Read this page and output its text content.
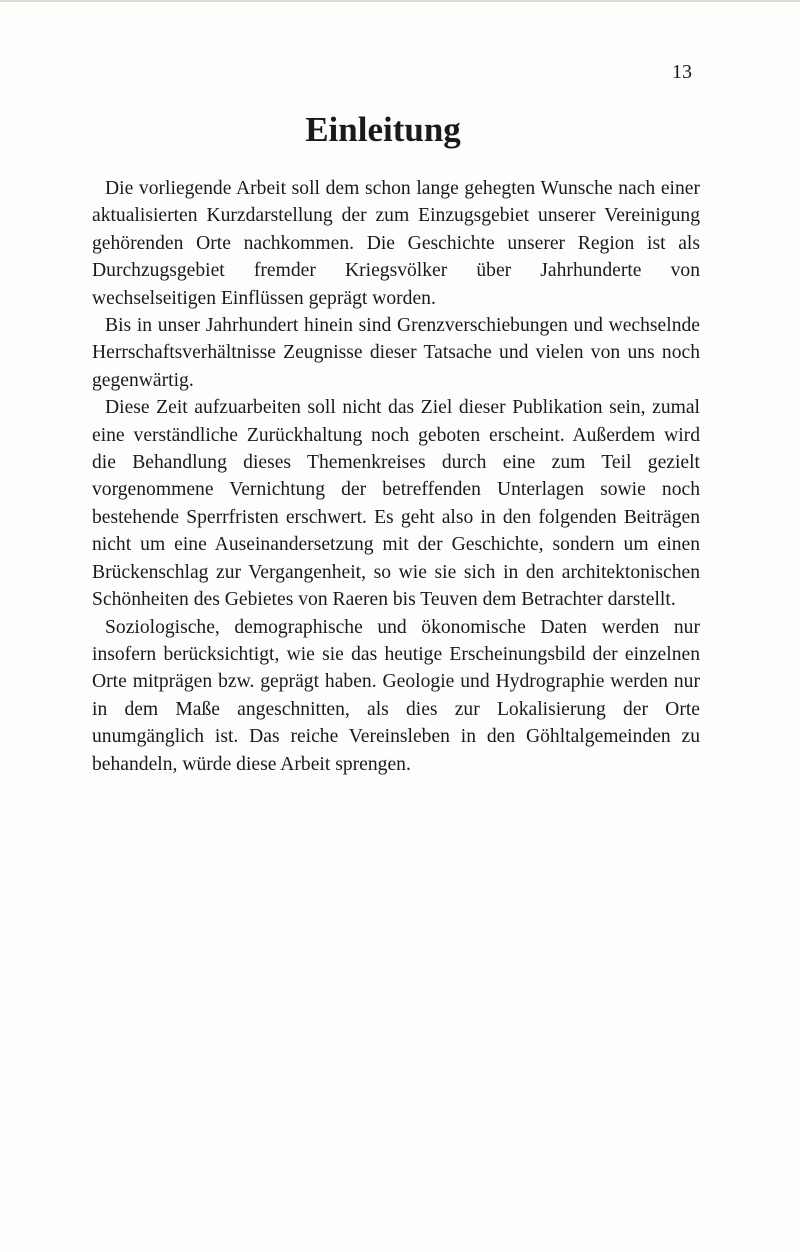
13
Einleitung

Die vorliegende Arbeit soll dem schon lange gehegten Wunsche nach einer aktualisierten Kurzdarstellung der zum Einzugsgebiet unserer Vereinigung gehörenden Orte nachkommen. Die Geschichte unserer Region ist als Durchzugsgebiet fremder Kriegsvölker über Jahrhunderte von wechselseitigen Einflüssen geprägt worden.

Bis in unser Jahrhundert hinein sind Grenzverschiebungen und wechselnde Herrschaftsverhältnisse Zeugnisse dieser Tatsache und vielen von uns noch gegenwärtig.

Diese Zeit aufzuarbeiten soll nicht das Ziel dieser Publikation sein, zumal eine verständliche Zurückhaltung noch geboten erscheint. Außerdem wird die Behandlung dieses Themenkreises durch eine zum Teil gezielt vorgenommene Vernichtung der betreffenden Unterlagen sowie noch bestehende Sperrfristen erschwert. Es geht also in den folgenden Beiträgen nicht um eine Auseinandersetzung mit der Geschichte, sondern um einen Brückenschlag zur Vergangenheit, so wie sie sich in den architektonischen Schönheiten des Gebietes von Raeren bis Teuven dem Betrachter darstellt.

Soziologische, demographische und ökonomische Daten werden nur insofern berücksichtigt, wie sie das heutige Erscheinungsbild der einzelnen Orte mitprägen bzw. geprägt haben. Geologie und Hydrographie werden nur in dem Maße angeschnitten, als dies zur Lokalisierung der Orte unumgänglich ist. Das reiche Vereinsleben in den Göhltalgemeinden zu behandeln, würde diese Arbeit sprengen.
